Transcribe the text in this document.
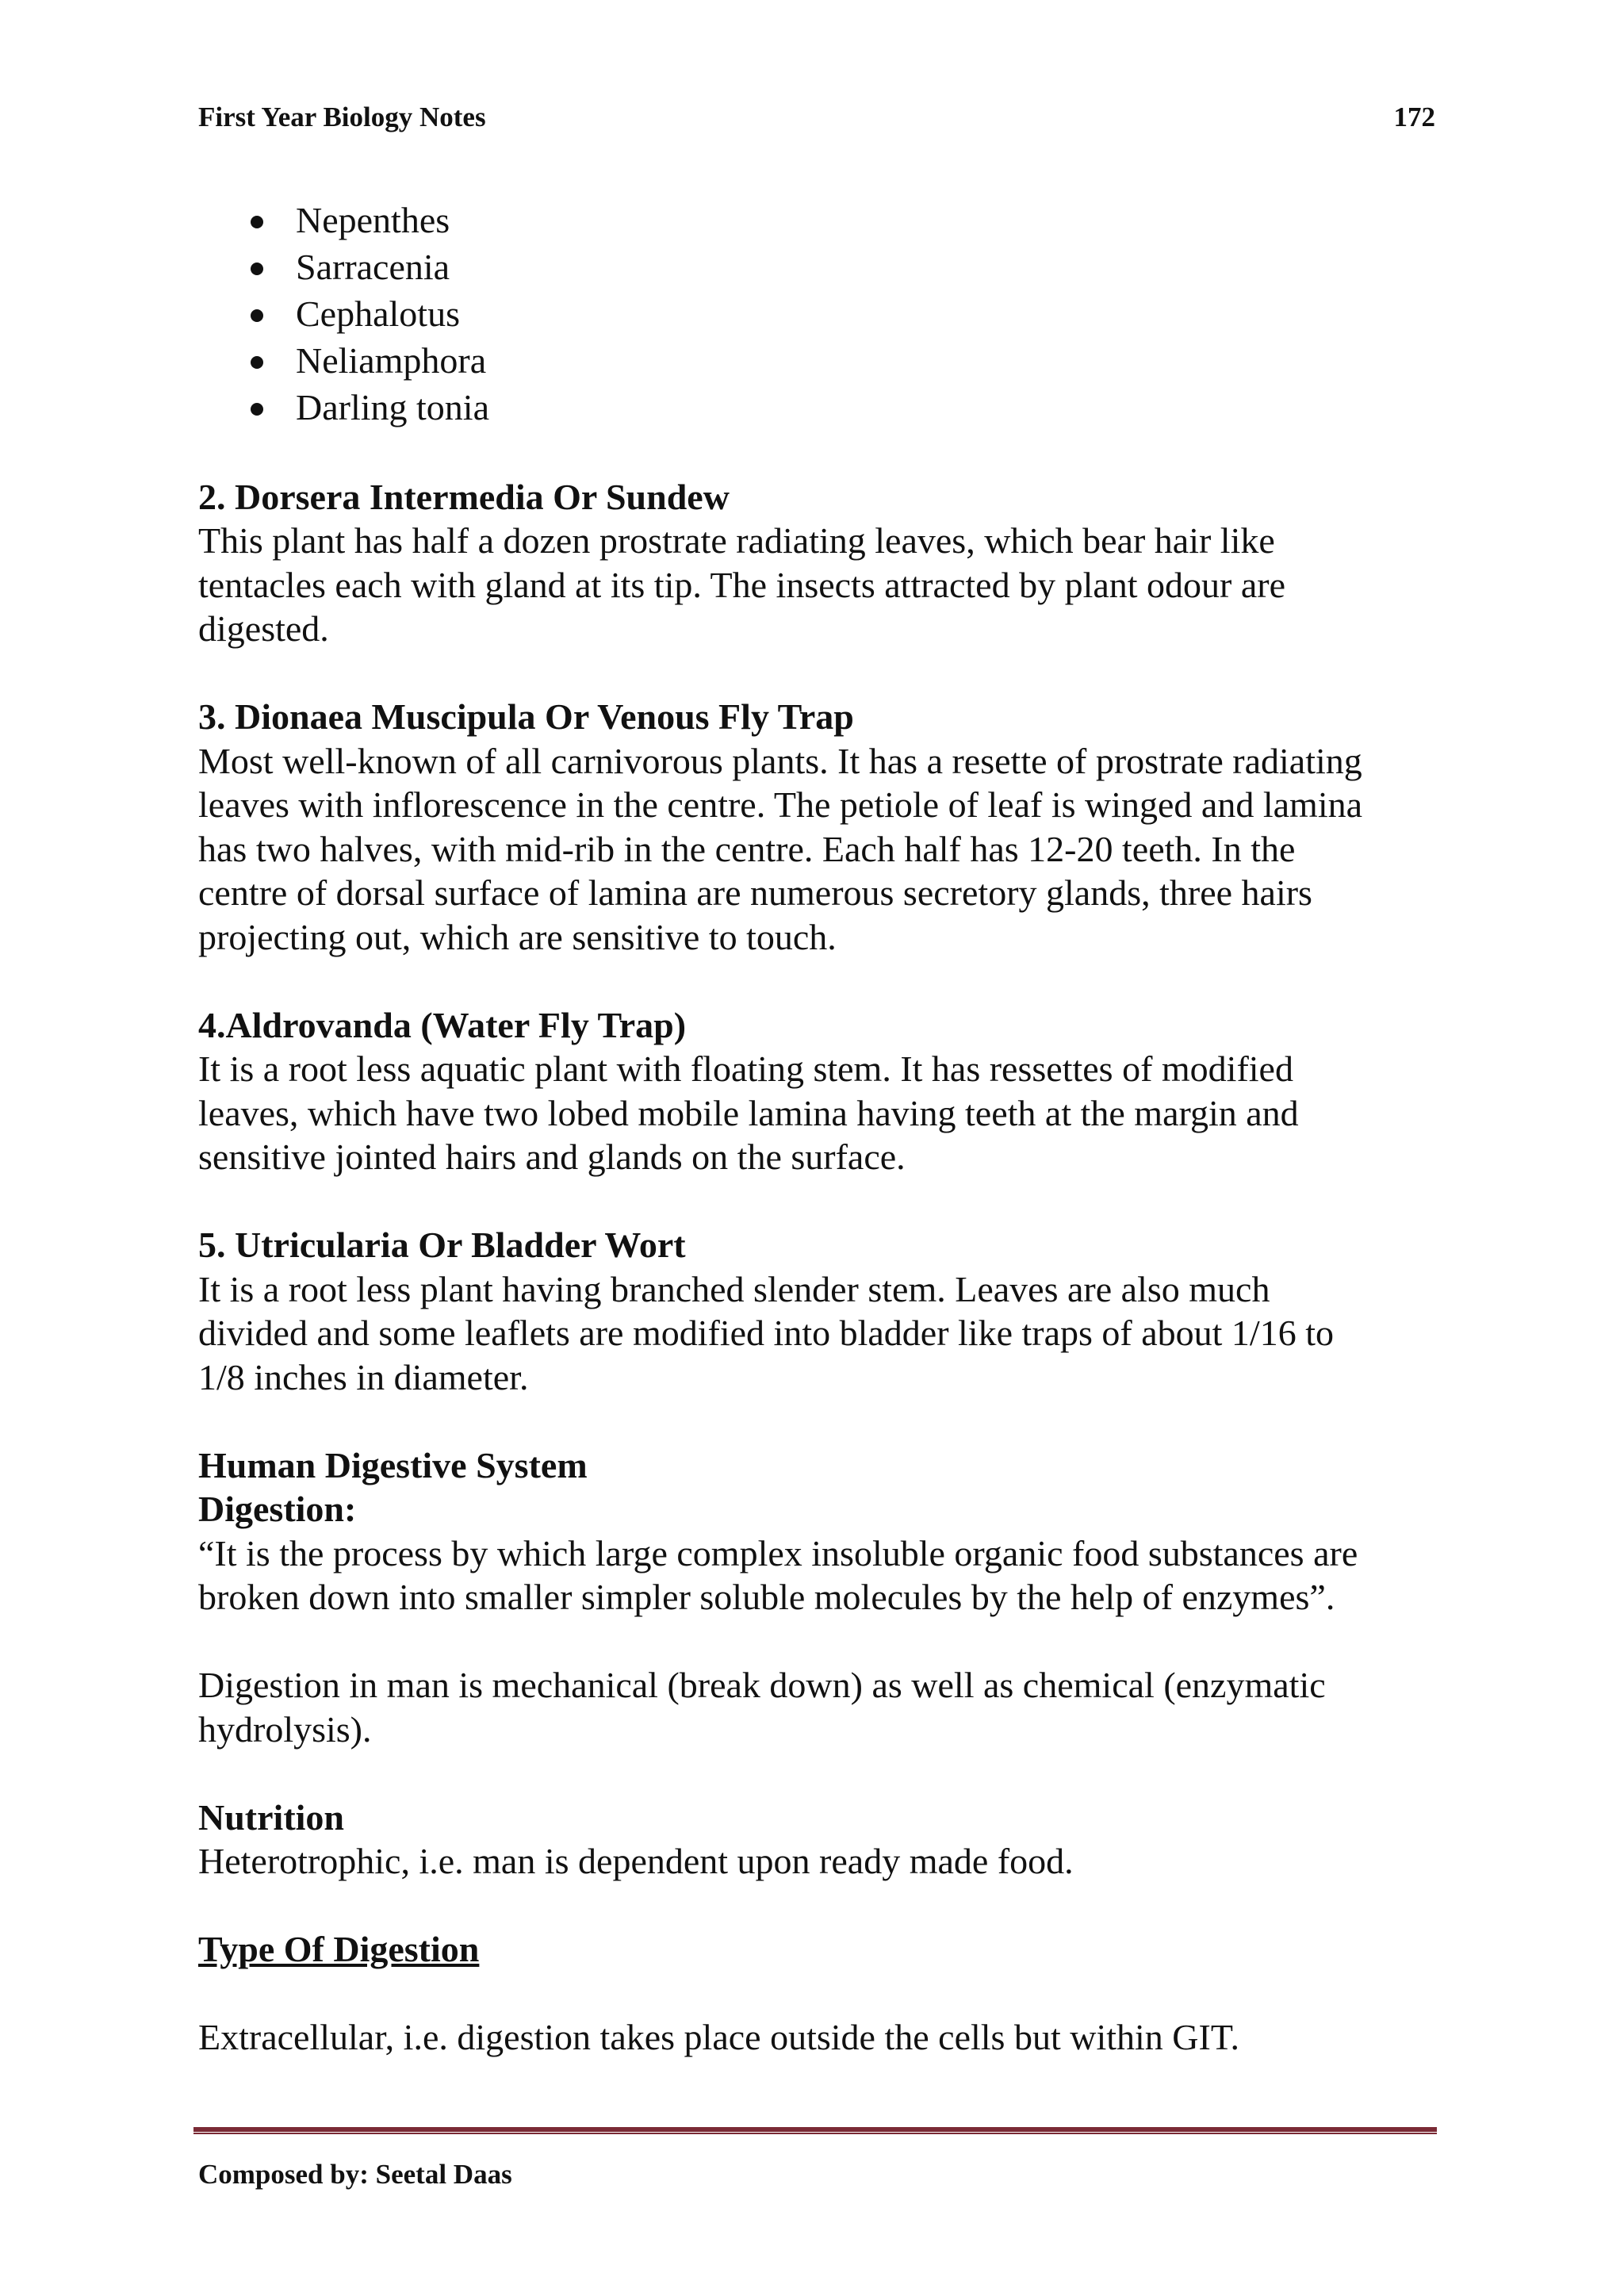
First Year Biology Notes	172
Nepenthes
Sarracenia
Cephalotus
Neliamphora
Darling tonia
2. Dorsera Intermedia Or Sundew

This plant has half a dozen prostrate radiating leaves, which bear hair like

tentacles each with gland at its tip. The insects attracted by plant odour are

digested.

3. Dionaea Muscipula Or Venous Fly Trap

Most well-known of all carnivorous plants. It has a resette of prostrate radiating

leaves with inflorescence in the centre. The petiole of leaf is winged and lamina

has two halves, with mid-rib in the centre. Each half has 12-20 teeth. In the

centre of dorsal surface of lamina are numerous secretory glands, three hairs

projecting out, which are sensitive to touch.

4.Aldrovanda (Water Fly Trap)

It is a root less aquatic plant with floating stem. It has ressettes of modified

leaves, which have two lobed mobile lamina having teeth at the margin and

sensitive jointed hairs and glands on the surface.

5. Utricularia Or Bladder Wort

It is a root less plant having branched slender stem. Leaves are also much

divided and some leaflets are modified into bladder like traps of about 1/16 to

1/8 inches in diameter.

Human Digestive System
Digestion:

“It is the process by which large complex insoluble organic food substances are

broken down into smaller simpler soluble molecules by the help of enzymes”.

Digestion in man is mechanical (break down) as well as chemical (enzymatic

hydrolysis).

Nutrition

Heterotrophic, i.e. man is dependent upon ready made food.

Type Of Digestion

Extracellular, i.e. digestion takes place outside the cells but within GIT.

Composed by: Seetal Daas
